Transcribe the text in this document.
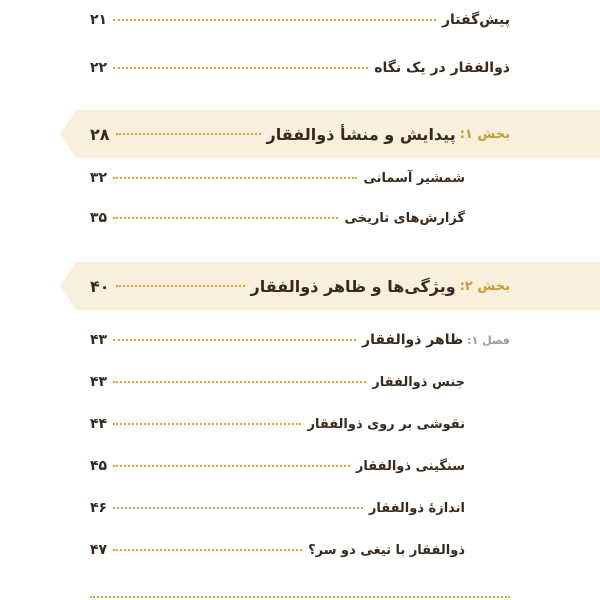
پیش‌گفتار
۲۱
ذوالفقار در یک نگاه
۲۲
بخش ۱:
پیدایش و منشأ ذوالفقار
۲۸
شمشیر آسمانی
۳۲
گزارش‌های تاریخی
۳۵
بخش ۲:
ویژگی‌ها و ظاهر ذوالفقار
۴۰
فصل ۱:
ظاهر ذوالفقار
۴۳
جنس ذوالفقار
۴۳
نقوشی بر روی ذوالفقار
۴۴
سنگینی ذوالفقار
۴۵
اندازهٔ ذوالفقار
۴۶
ذوالفقار با تیغی دو سر؟
۴۷
